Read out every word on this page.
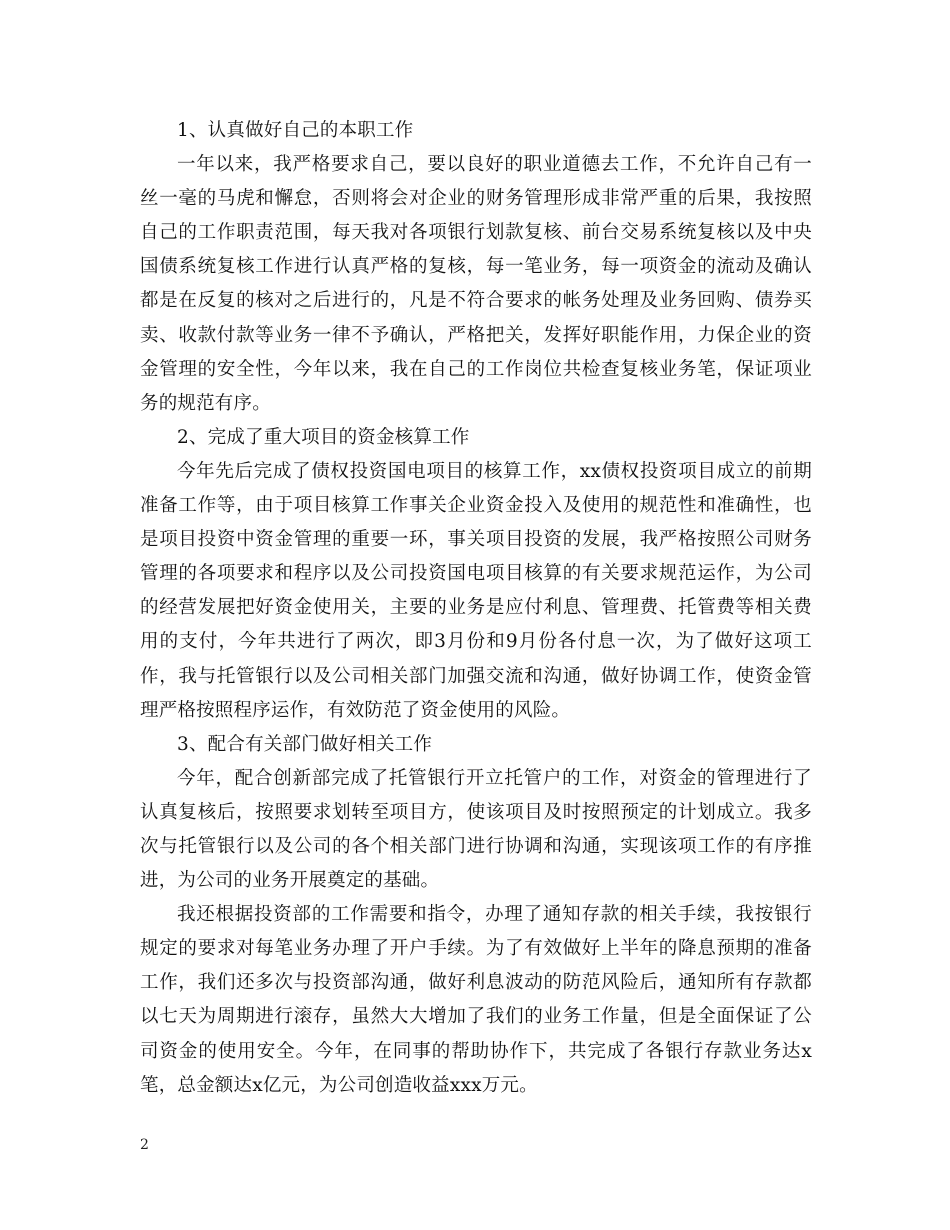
1、认真做好自己的本职工作

一年以来，我严格要求自己，要以良好的职业道德去工作，不允许自己有一丝一毫的马虎和懈怠，否则将会对企业的财务管理形成非常严重的后果，我按照自己的工作职责范围，每天我对各项银行划款复核、前台交易系统复核以及中央国债系统复核工作进行认真严格的复核，每一笔业务，每一项资金的流动及确认都是在反复的核对之后进行的，凡是不符合要求的帐务处理及业务回购、债券买卖、收款付款等业务一律不予确认，严格把关，发挥好职能作用，力保企业的资金管理的安全性，今年以来，我在自己的工作岗位共检查复核业务笔，保证项业务的规范有序。

2、完成了重大项目的资金核算工作

今年先后完成了债权投资国电项目的核算工作，xx债权投资项目成立的前期准备工作等，由于项目核算工作事关企业资金投入及使用的规范性和准确性，也是项目投资中资金管理的重要一环，事关项目投资的发展，我严格按照公司财务管理的各项要求和程序以及公司投资国电项目核算的有关要求规范运作，为公司的经营发展把好资金使用关，主要的业务是应付利息、管理费、托管费等相关费用的支付，今年共进行了两次，即3月份和9月份各付息一次，为了做好这项工作，我与托管银行以及公司相关部门加强交流和沟通，做好协调工作，使资金管理严格按照程序运作，有效防范了资金使用的风险。

3、配合有关部门做好相关工作

今年，配合创新部完成了托管银行开立托管户的工作，对资金的管理进行了认真复核后，按照要求划转至项目方，使该项目及时按照预定的计划成立。我多次与托管银行以及公司的各个相关部门进行协调和沟通，实现该项工作的有序推进，为公司的业务开展奠定的基础。

我还根据投资部的工作需要和指令，办理了通知存款的相关手续，我按银行规定的要求对每笔业务办理了开户手续。为了有效做好上半年的降息预期的准备工作，我们还多次与投资部沟通，做好利息波动的防范风险后，通知所有存款都以七天为周期进行滚存，虽然大大增加了我们的业务工作量，但是全面保证了公司资金的使用安全。今年，在同事的帮助协作下，共完成了各银行存款业务达x笔，总金额达x亿元，为公司创造收益xxx万元。

2
